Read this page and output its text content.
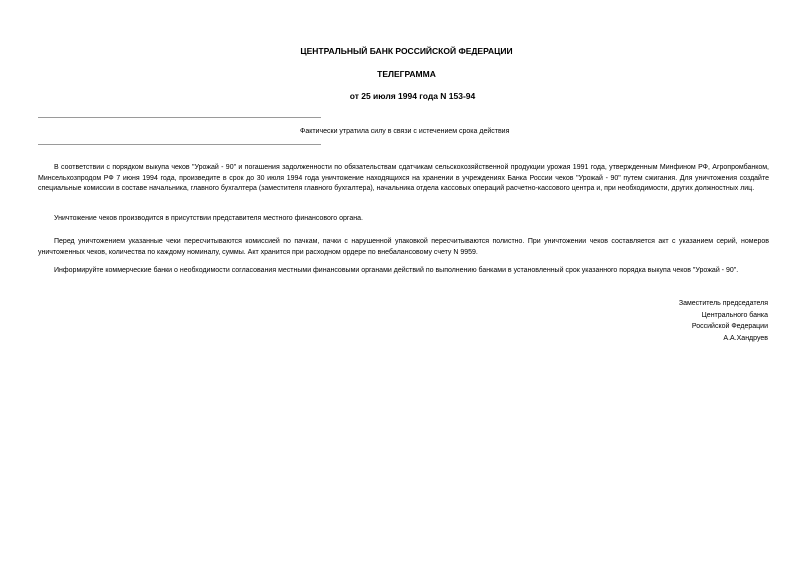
ЦЕНТРАЛЬНЫЙ БАНК РОССИЙСКОЙ ФЕДЕРАЦИИ
ТЕЛЕГРАММА
от 25 июля 1994 года N 153-94
Фактически утратила силу в связи с истечением срока действия

В соответствии с порядком выкупа чеков "Урожай - 90" и погашения задолженности по обязательствам сдатчикам сельскохозяйственной продукции урожая 1991 года, утвержденным Минфином РФ, Агропромбанком, Минсельхозпродом РФ 7 июня 1994 года, произведите в срок до 30 июля 1994 года уничтожение находящихся на хранении в учреждениях Банка России чеков "Урожай - 90" путем сжигания. Для уничтожения создайте специальные комиссии в составе начальника, главного бухгалтера (заместителя главного бухгалтера), начальника отдела кассовых операций расчетно-кассового центра и, при необходимости, других должностных лиц.

Уничтожение чеков производится в присутствии представителя местного финансового органа.

Перед уничтожением указанные чеки пересчитываются комиссией по пачкам, пачки с нарушенной упаковкой пересчитываются полистно. При уничтожении чеков составляется акт с указанием серий, номеров уничтоженных чеков, количества по каждому номиналу, суммы. Акт хранится при расходном ордере по внебалансовому счету N 9959.

Информируйте коммерческие банки о необходимости согласования местными финансовыми органами действий по выполнению банками в установленный срок указанного порядка выкупа чеков "Урожай - 90".

Заместитель председателя
Центрального банка
Российской Федерации
А.А.Хандруев
